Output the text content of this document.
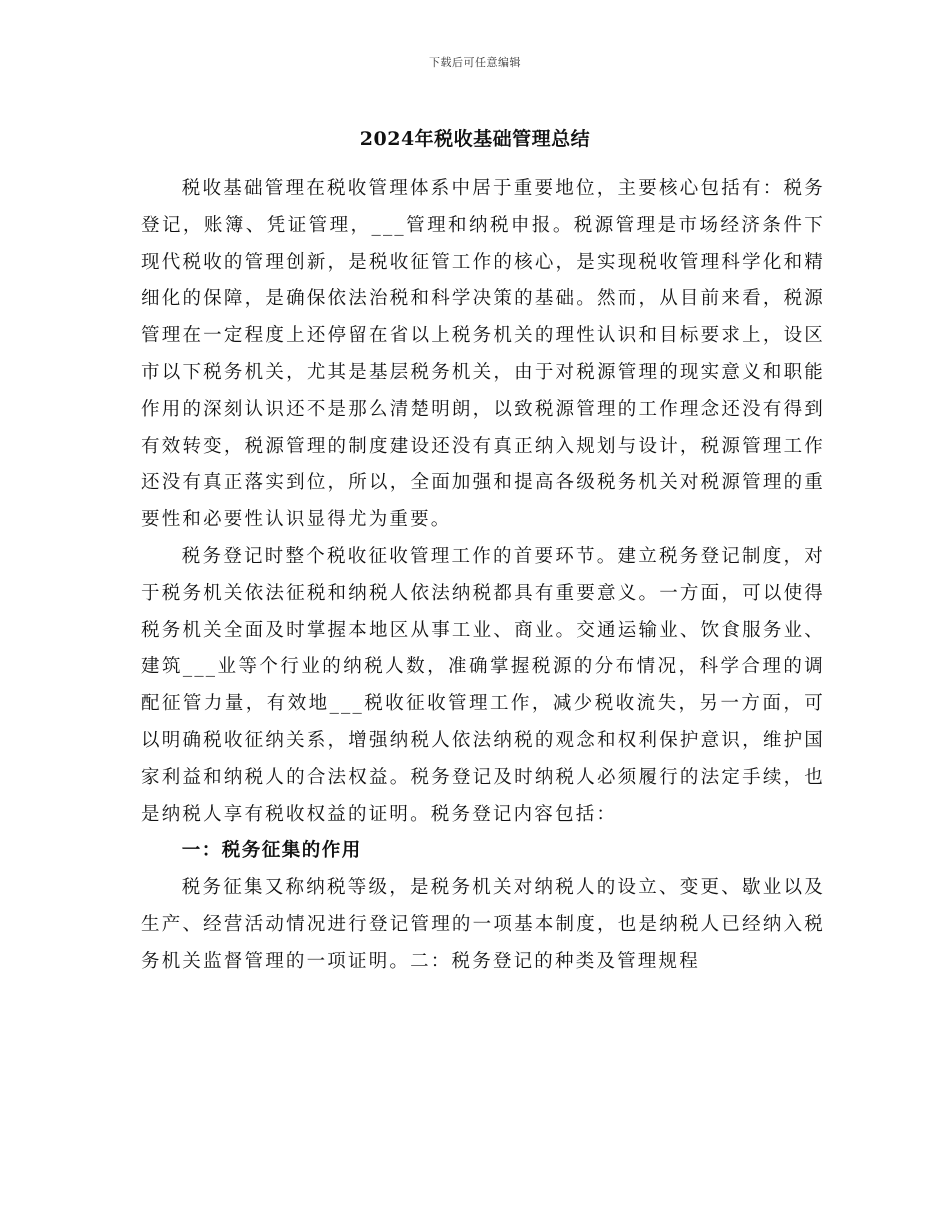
下载后可任意编辑
2024年税收基础管理总结

税收基础管理在税收管理体系中居于重要地位，主要核心包括有：税务登记，账簿、凭证管理，___管理和纳税申报。税源管理是市场经济条件下现代税收的管理创新，是税收征管工作的核心，是实现税收管理科学化和精细化的保障，是确保依法治税和科学决策的基础。然而，从目前来看，税源管理在一定程度上还停留在省以上税务机关的理性认识和目标要求上，设区市以下税务机关，尤其是基层税务机关，由于对税源管理的现实意义和职能作用的深刻认识还不是那么清楚明朗，以致税源管理的工作理念还没有得到有效转变，税源管理的制度建设还没有真正纳入规划与设计，税源管理工作还没有真正落实到位，所以，全面加强和提高各级税务机关对税源管理的重要性和必要性认识显得尤为重要。

税务登记时整个税收征收管理工作的首要环节。建立税务登记制度，对于税务机关依法征税和纳税人依法纳税都具有重要意义。一方面，可以使得税务机关全面及时掌握本地区从事工业、商业。交通运输业、饮食服务业、建筑___业等个行业的纳税人数，准确掌握税源的分布情况，科学合理的调配征管力量，有效地___税收征收管理工作，减少税收流失，另一方面，可以明确税收征纳关系，增强纳税人依法纳税的观念和权利保护意识，维护国家利益和纳税人的合法权益。税务登记及时纳税人必须履行的法定手续，也是纳税人享有税收权益的证明。税务登记内容包括：

一：税务征集的作用

税务征集又称纳税等级，是税务机关对纳税人的设立、变更、歇业以及生产、经营活动情况进行登记管理的一项基本制度，也是纳税人已经纳入税务机关监督管理的一项证明。二：税务登记的种类及管理规程
